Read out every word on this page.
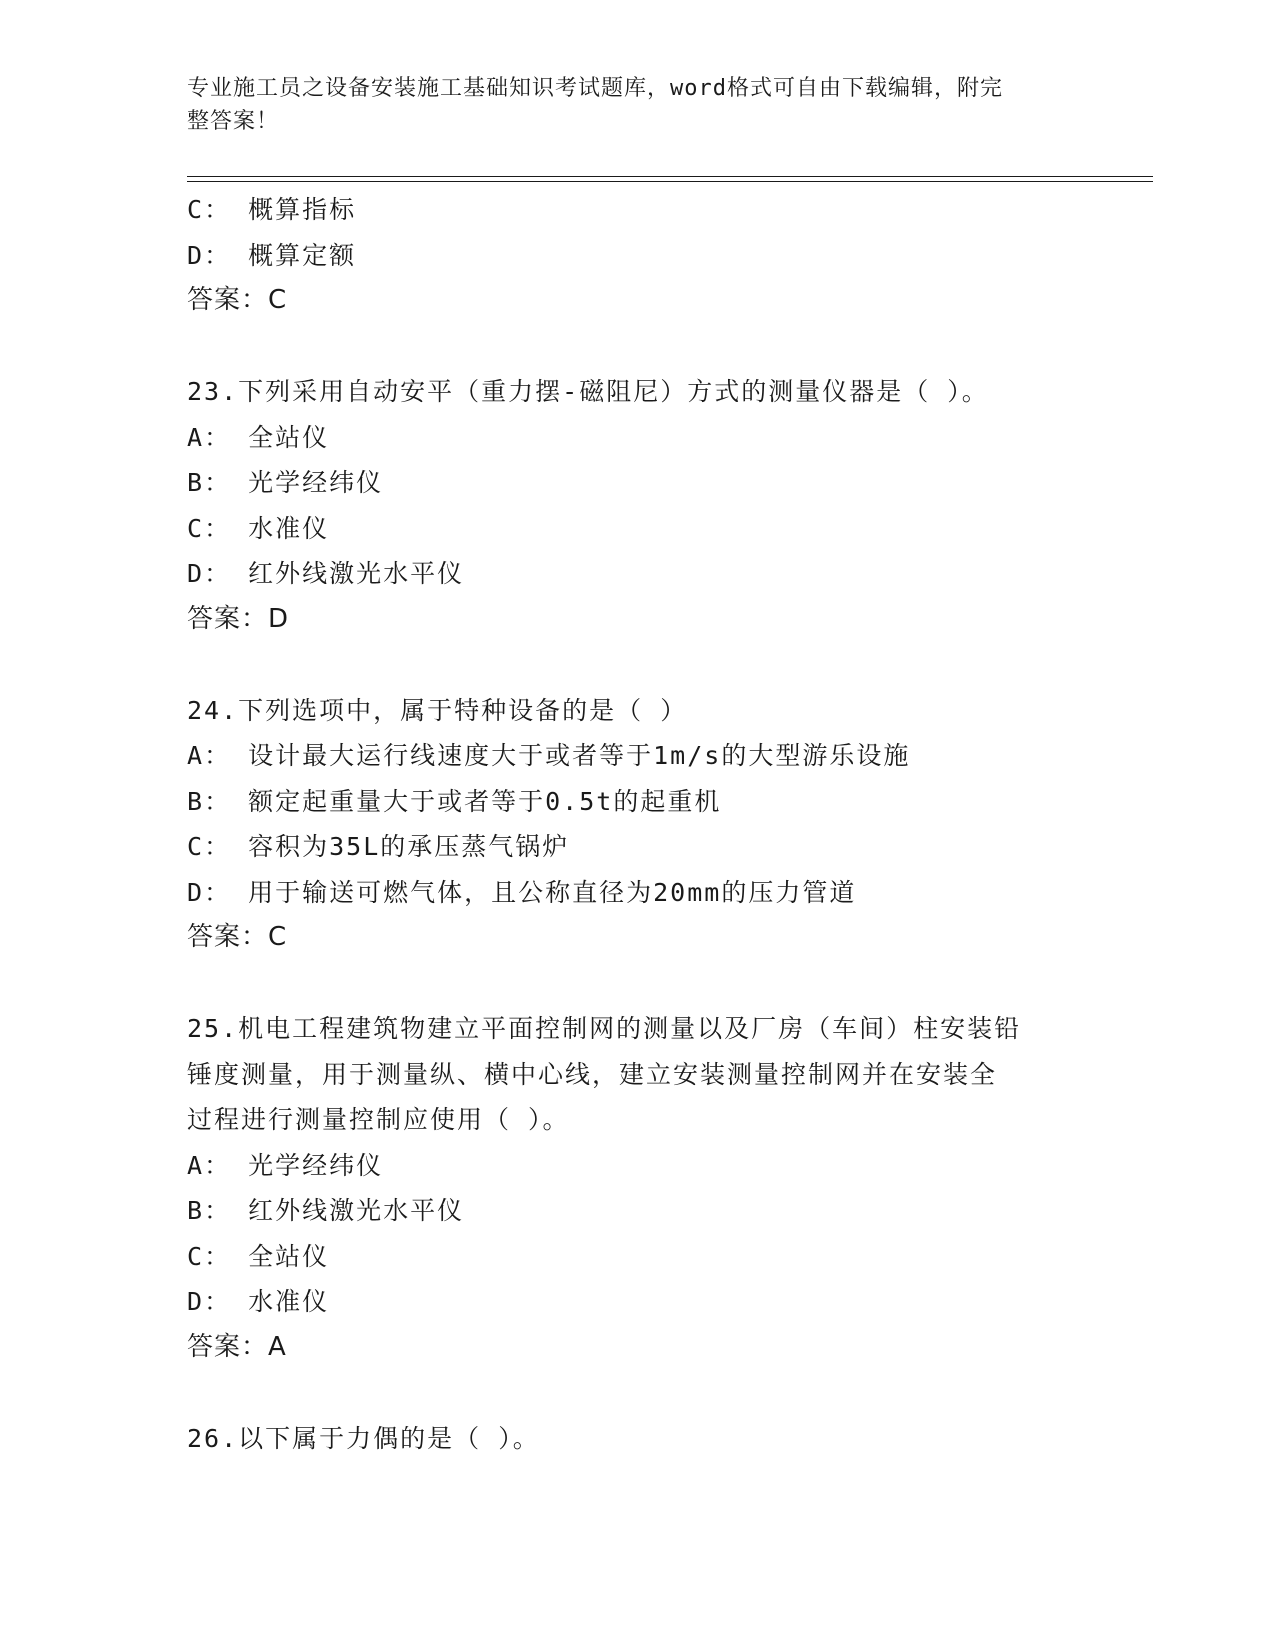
专业施工员之设备安装施工基础知识考试题库，word格式可自由下载编辑，附完
整答案！
C： 概算指标
D： 概算定额
答案：C
23.下列采用自动安平（重力摆-磁阻尼）方式的测量仪器是（ ）。
A： 全站仪
B： 光学经纬仪
C： 水准仪
D： 红外线激光水平仪
答案：D
24.下列选项中，属于特种设备的是（ ）
A： 设计最大运行线速度大于或者等于1m/s的大型游乐设施
B： 额定起重量大于或者等于0.5t的起重机
C： 容积为35L的承压蒸气锅炉
D： 用于输送可燃气体，且公称直径为20mm的压力管道
答案：C
25.机电工程建筑物建立平面控制网的测量以及厂房（车间）柱安装铅
锤度测量，用于测量纵、横中心线，建立安装测量控制网并在安装全
过程进行测量控制应使用（ ）。
A： 光学经纬仪
B： 红外线激光水平仪
C： 全站仪
D： 水准仪
答案：A
26.以下属于力偶的是（ ）。
